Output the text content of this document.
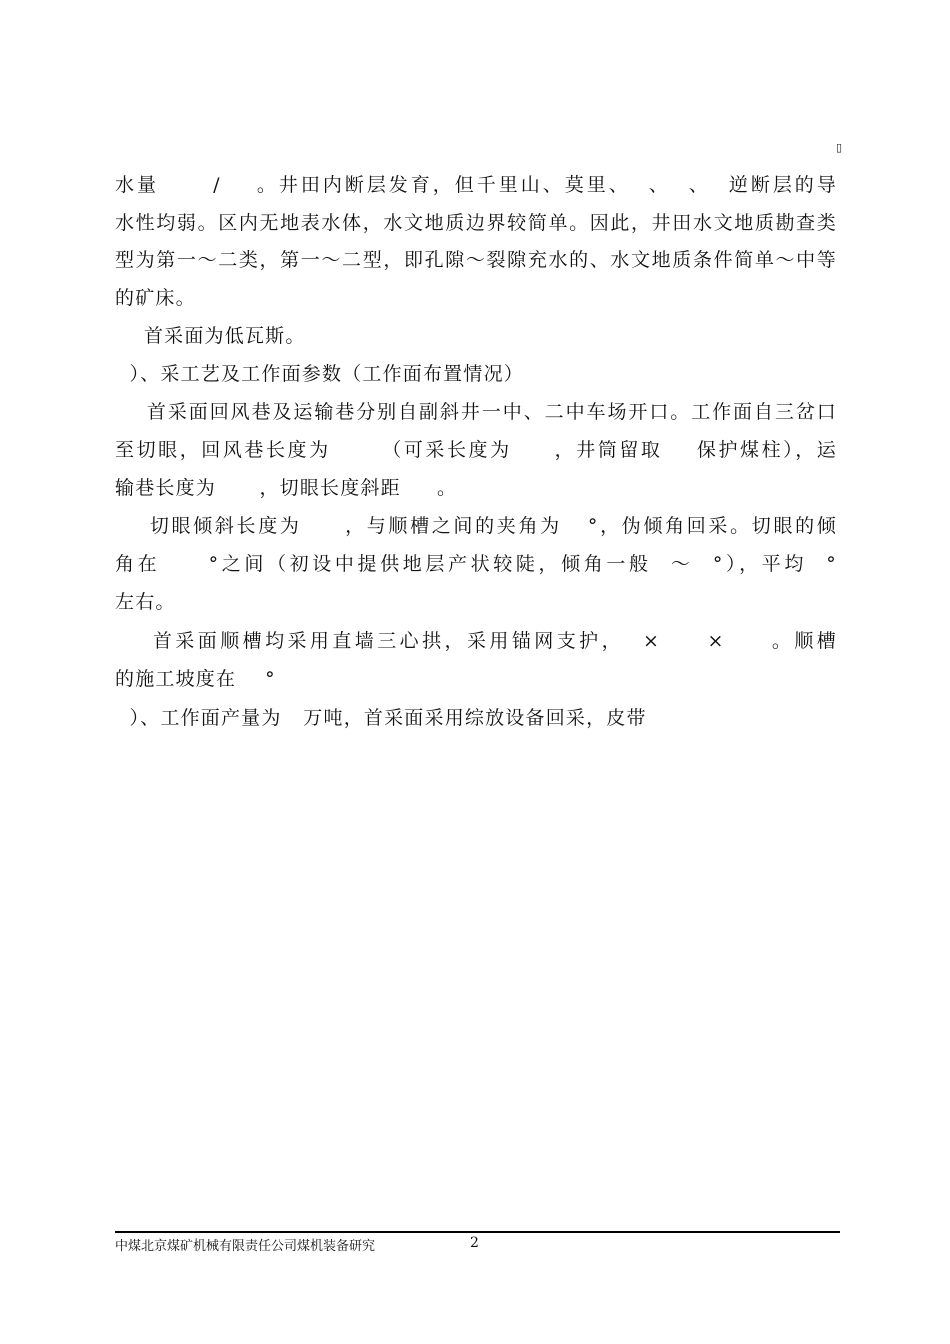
▯
水量      /    。井田内断层发育，但千里山、莫里、  、  、  逆断层的导
水性均弱。区内无地表水体，水文地质边界较简单。因此，井田水文地质勘查类
型为第一～二类，第一～二型，即孔隙～裂隙充水的、水文地质条件简单～中等
的矿床。
首采面为低瓦斯。
）、采工艺及工作面参数（工作面布置情况）
首采面回风巷及运输巷分别自副斜井一中、二中车场开口。工作面自三岔口
至切眼，回风巷长度为      （可采长度为     ，井筒留取    保护煤柱），运
输巷长度为      ，切眼长度斜距     。
切眼倾斜长度为     ，与顺槽之间的夹角为   °，伪倾角回采。切眼的倾
角在     °之间（初设中提供地层产状较陡，倾角一般  ～  °），平均  °
左右。
首采面顺槽均采用直墙三心拱，采用锚网支护，  ×     ×     。顺槽
的施工坡度在    °
）、工作面产量为   万吨，首采面采用综放设备回采，皮带
中煤北京煤矿机械有限责任公司煤机装备研究	2
